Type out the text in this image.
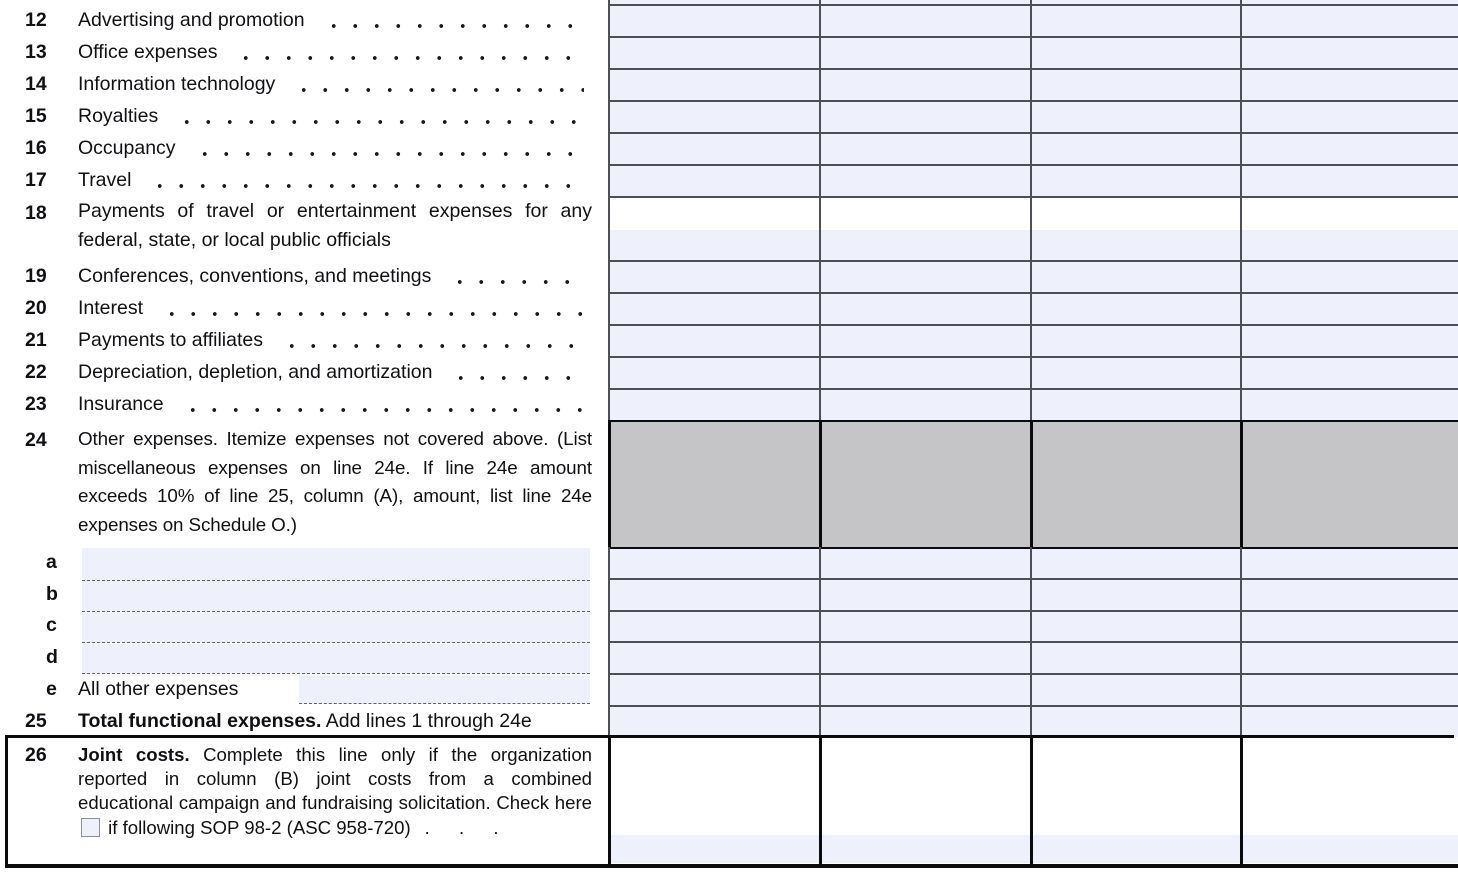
12 Advertising and promotion
13 Office expenses
14 Information technology
15 Royalties
16 Occupancy
17 Travel
18 Payments of travel or entertainment expenses for any federal, state, or local public officials
19 Conferences, conventions, and meetings
20 Interest
21 Payments to affiliates
22 Depreciation, depletion, and amortization
23 Insurance
24 Other expenses. Itemize expenses not covered above. (List miscellaneous expenses on line 24e. If line 24e amount exceeds 10% of line 25, column (A), amount, list line 24e expenses on Schedule O.)
a
b
c
d
e All other expenses
25 Total functional expenses. Add lines 1 through 24e
26 Joint costs. Complete this line only if the organization reported in column (B) joint costs from a combined educational campaign and fundraising solicitation. Check here  if following SOP 98-2 (ASC 958-720) . . .
